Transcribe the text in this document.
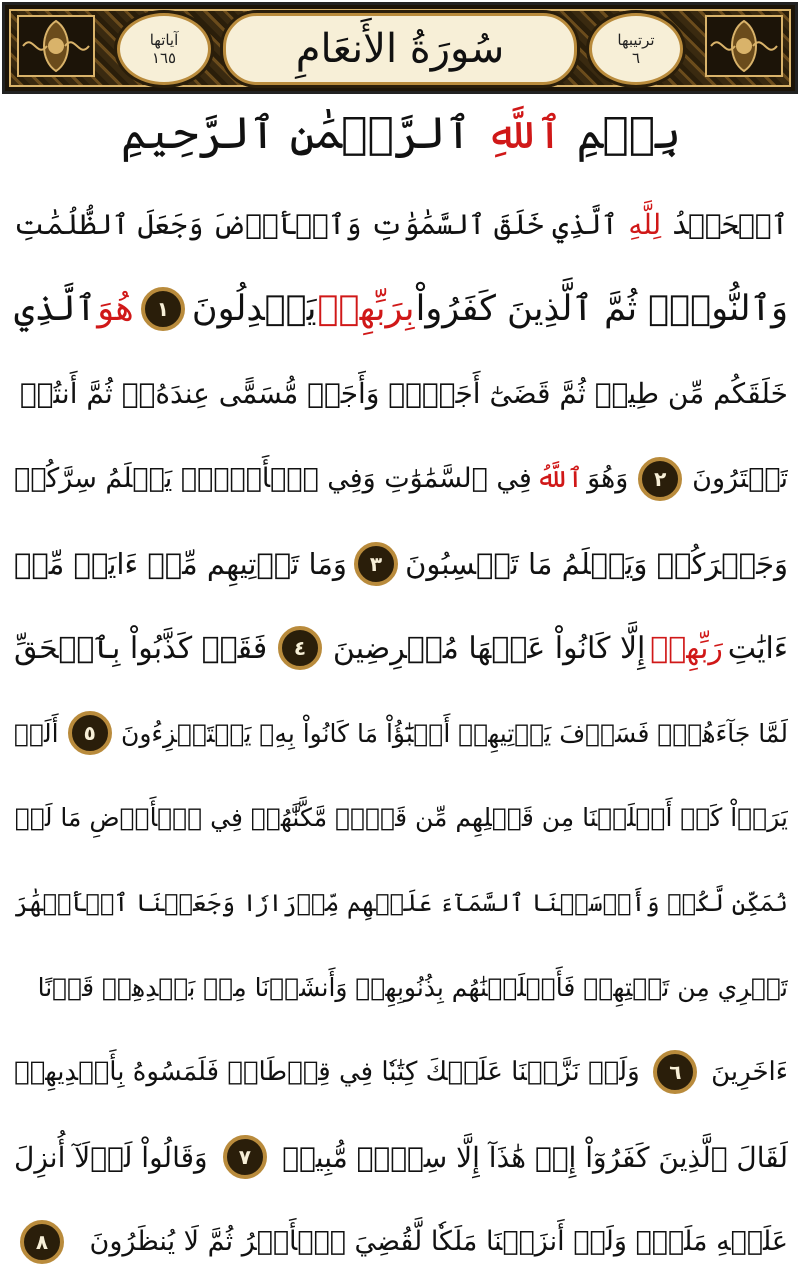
آياتها
١٦٥	سُورَةُ الأَنعَامِ	ترتيبها
٦
بِسۡمِ ٱللَّهِ ٱلرَّحۡمَٰنِ ٱلرَّحِيمِ
ٱلۡحَمۡدُ
لِلَّهِ
ٱلَّذِي خَلَقَ ٱلسَّمَٰوَٰتِ وَٱلۡأَرۡضَ وَجَعَلَ ٱلظُّلُمَٰتِ
وَٱلنُّورَۖ ثُمَّ ٱلَّذِينَ كَفَرُواْ
بِرَبِّهِمۡ
يَعۡدِلُونَ
١
هُوَ
ٱلَّذِي
خَلَقَكُم مِّن طِينٖ ثُمَّ قَضَىٰٓ أَجَلٗاۖ وَأَجَلٞ مُّسَمًّى عِندَهُۥۖ ثُمَّ أَنتُمۡ
تَمۡتَرُونَ
٢
وَهُوَ
ٱللَّهُ
فِي ٱلسَّمَٰوَٰتِ وَفِي ٱلۡأَرۡضِۖ يَعۡلَمُ سِرَّكُمۡ
وَجَهۡرَكُمۡ وَيَعۡلَمُ مَا تَكۡسِبُونَ
٣
وَمَا تَأۡتِيهِم مِّنۡ ءَايَةٖ مِّنۡ
ءَايَٰتِ
رَبِّهِمۡ
إِلَّا كَانُواْ عَنۡهَا مُعۡرِضِينَ
٤
فَقَدۡ كَذَّبُواْ بِٱلۡحَقِّ
لَمَّا جَآءَهُمۡۖ فَسَوۡفَ يَأۡتِيهِمۡ أَنۢبَٰٓؤُاْ مَا كَانُواْ بِهِۦ يَسۡتَهۡزِءُونَ
٥
أَلَمۡ
يَرَوۡاْ كَمۡ أَهۡلَكۡنَا مِن قَبۡلِهِم مِّن قَرۡنٖ مَّكَّنَّٰهُمۡ فِي ٱلۡأَرۡضِ مَا لَمۡ
نُمَكِّن لَّكُمۡ وَأَرۡسَلۡنَا ٱلسَّمَآءَ عَلَيۡهِم مِّدۡرَارٗا وَجَعَلۡنَا ٱلۡأَنۡهَٰرَ
تَجۡرِي مِن تَحۡتِهِمۡ فَأَهۡلَكۡنَٰهُم بِذُنُوبِهِمۡ وَأَنشَأۡنَا مِنۢ بَعۡدِهِمۡ قَرۡنًا
ءَاخَرِينَ
٦
وَلَوۡ نَزَّلۡنَا عَلَيۡكَ كِتَٰبٗا فِي قِرۡطَاسٖ فَلَمَسُوهُ بِأَيۡدِيهِمۡ
لَقَالَ ٱلَّذِينَ كَفَرُوٓاْ إِنۡ هَٰذَآ إِلَّا سِحۡرٞ مُّبِينٞ
٧
وَقَالُواْ لَوۡلَآ أُنزِلَ
عَلَيۡهِ مَلَكٞۖ وَلَوۡ أَنزَلۡنَا مَلَكٗا لَّقُضِيَ ٱلۡأَمۡرُ ثُمَّ لَا يُنظَرُونَ
٨
